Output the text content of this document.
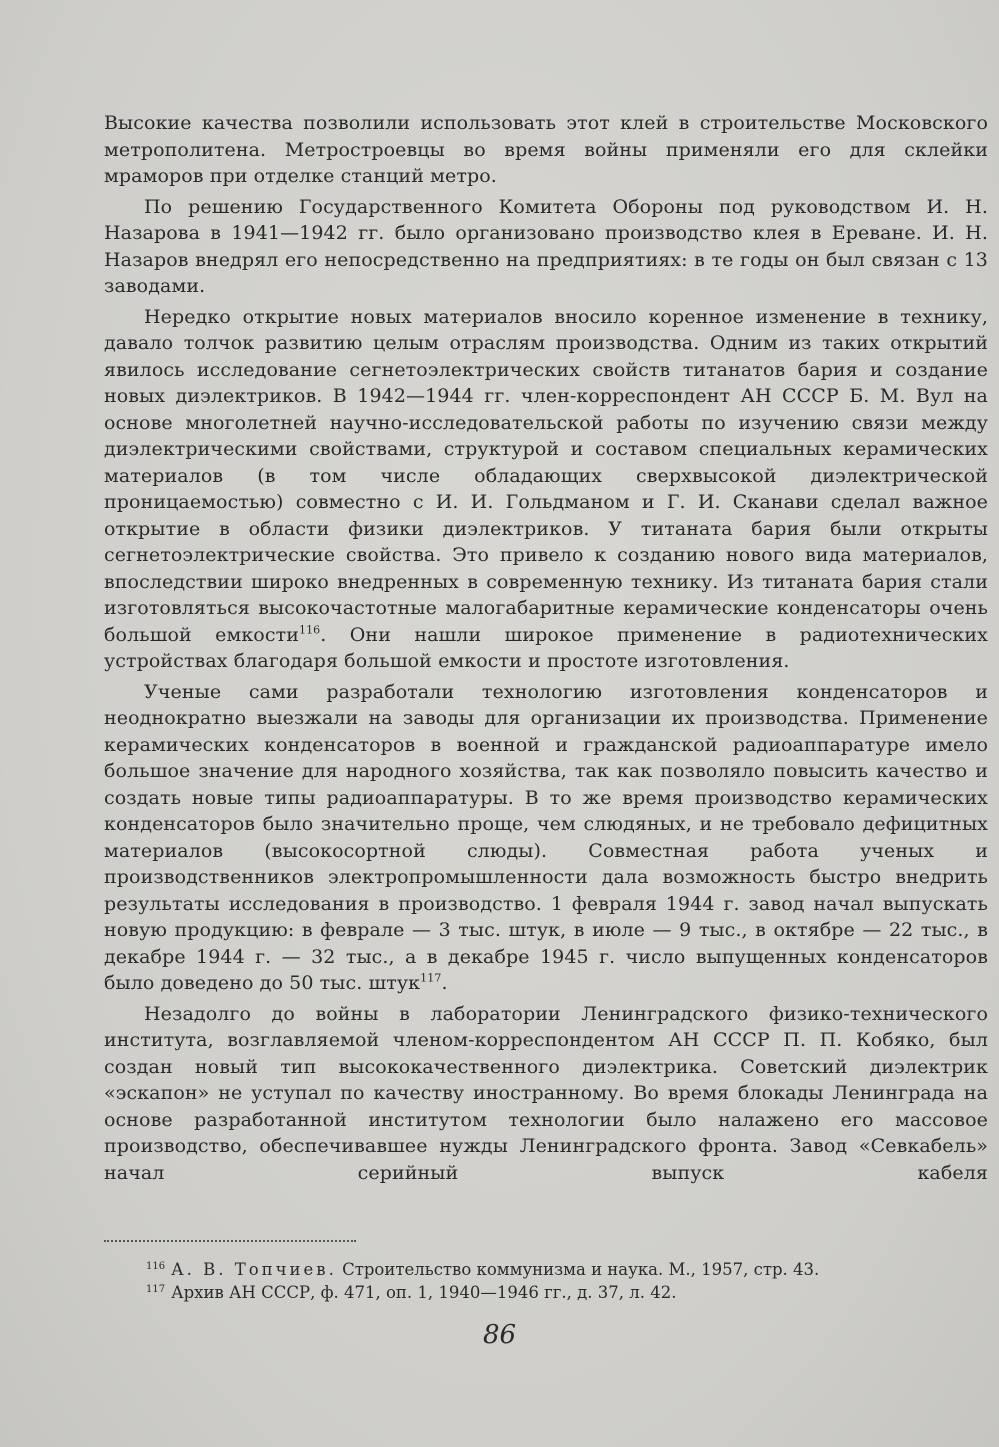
Высокие качества позволили использовать этот клей в строительстве Московского метрополитена. Метростроевцы во время войны применяли его для склейки мраморов при отделке станций метро.

По решению Государственного Комитета Обороны под руководством И. Н. Назарова в 1941—1942 гг. было организовано производство клея в Ереване. И. Н. Назаров внедрял его непосредственно на предприятиях: в те годы он был связан с 13 заводами.

Нередко открытие новых материалов вносило коренное изменение в технику, давало толчок развитию целым отраслям производства. Одним из таких открытий явилось исследование сегнетоэлектрических свойств титанатов бария и создание новых диэлектриков. В 1942—1944 гг. член-корреспондент АН СССР Б. М. Вул на основе многолетней научно-исследовательской работы по изучению связи между диэлектрическими свойствами, структурой и составом специальных керамических материалов (в том числе обладающих сверхвысокой диэлектрической проницаемостью) совместно с И. И. Гольдманом и Г. И. Сканави сделал важное открытие в области физики диэлектриков. У титаната бария были открыты сегнетоэлектрические свойства. Это привело к созданию нового вида материалов, впоследствии широко внедренных в современную технику. Из титаната бария стали изготовляться высокочастотные малогабаритные керамические конденсаторы очень большой емкости$^{116}$. Они нашли широкое применение в радиотехнических устройствах благодаря большой емкости и простоте изготовления.

Ученые сами разработали технологию изготовления конденсаторов и неоднократно выезжали на заводы для организации их производства. Применение керамических конденсаторов в военной и гражданской радиоаппаратуре имело большое значение для народного хозяйства, так как позволяло повысить качество и создать новые типы радиоаппаратуры. В то же время производство керамических конденсаторов было значительно проще, чем слюдяных, и не требовало дефицитных материалов (высокосортной слюды). Совместная работа ученых и производственников электропромышленности дала возможность быстро внедрить результаты исследования в производство. 1 февраля 1944 г. завод начал выпускать новую продукцию: в феврале — 3 тыс. штук, в июле — 9 тыс., в октябре — 22 тыс., в декабре 1944 г. — 32 тыс., а в декабре 1945 г. число выпущенных конденсаторов было доведено до 50 тыс. штук$^{117}$.

Незадолго до войны в лаборатории Ленинградского физико-технического института, возглавляемой членом-корреспондентом АН СССР П. П. Кобяко, был создан новый тип высококачественного диэлектрика. Советский диэлектрик «эскапон» не уступал по качеству иностранному. Во время блокады Ленинграда на основе разработанной институтом технологии было налажено его массовое производство, обеспечивавшее нужды Ленинградского фронта. Завод «Севкабель» начал серийный выпуск кабеля

$^{116}$ А. В. Топчиев. Строительство коммунизма и наука. М., 1957, стр. 43.

$^{117}$ Архив АН СССР, ф. 471, оп. 1, 1940—1946 гг., д. 37, л. 42.

86
